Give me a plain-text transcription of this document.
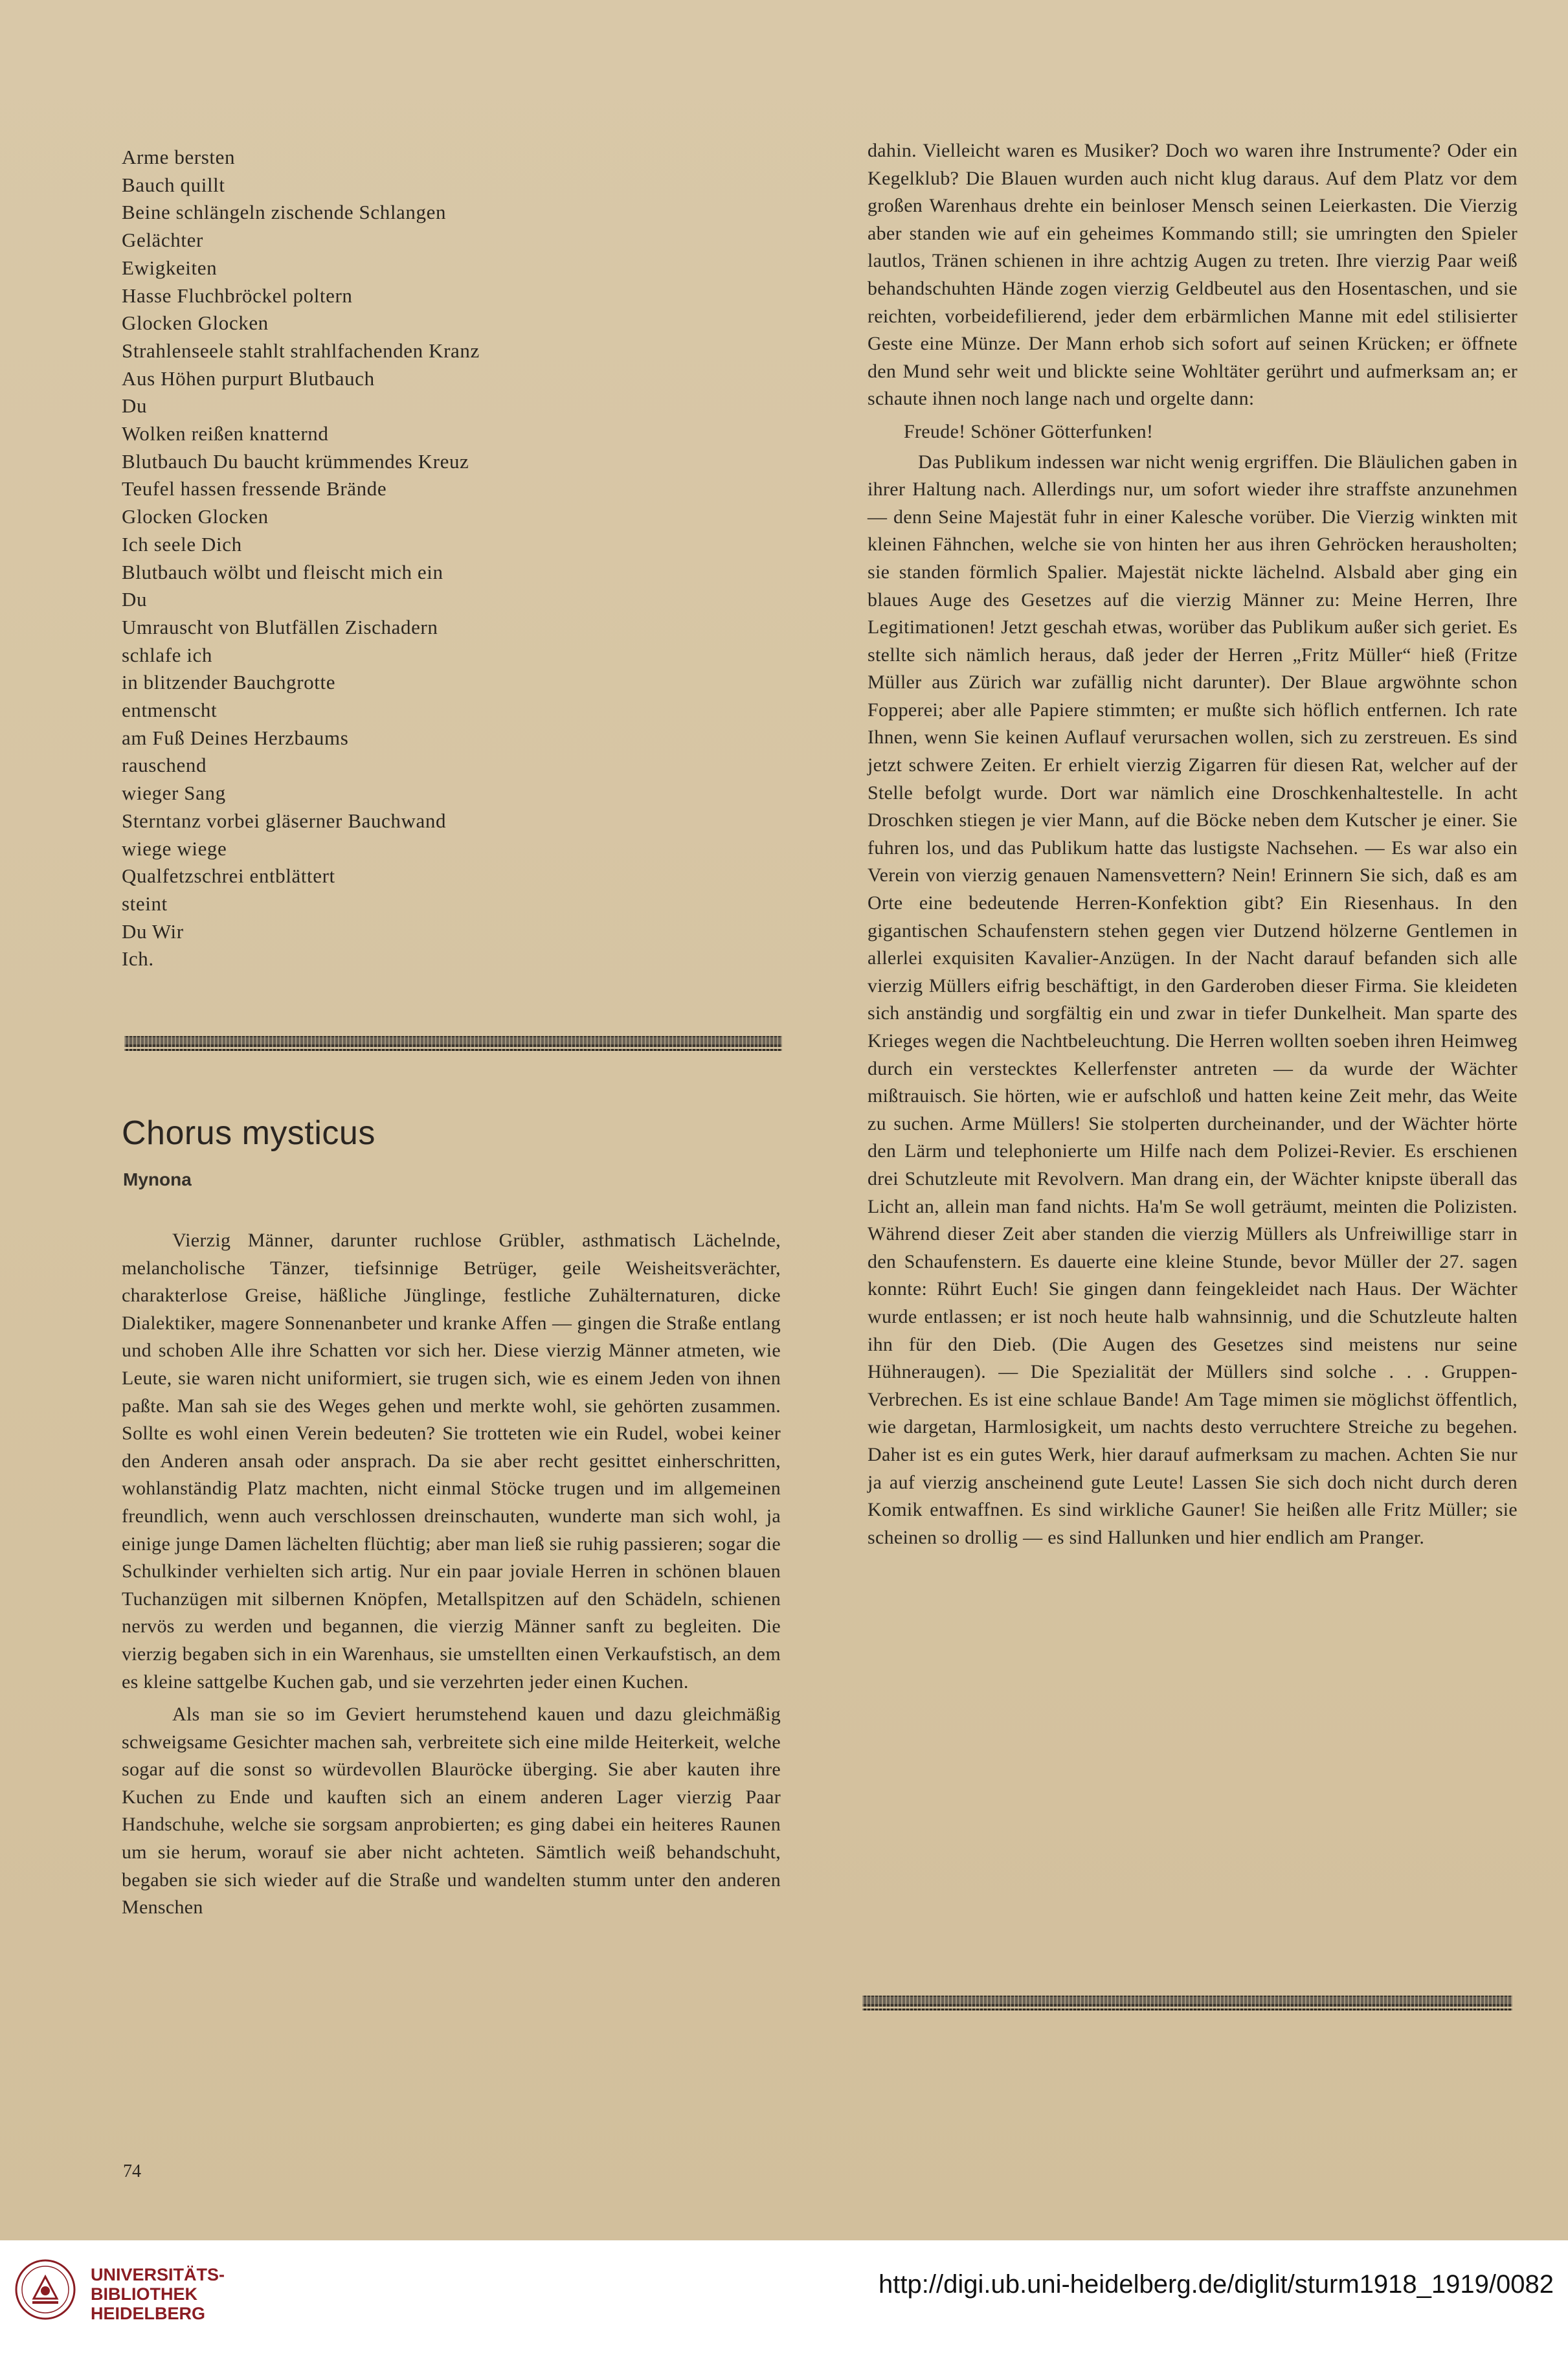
Arme bersten
Bauch quillt
Beine schlängeln zischende Schlangen
Gelächter
Ewigkeiten
Hasse Fluchbröckel poltern
Glocken Glocken
Strahlenseele stahlt strahlfachenden Kranz
Aus Höhen purpurt Blutbauch
Du
Wolken reißen knatternd
Blutbauch Du baucht krümmendes Kreuz
Teufel hassen fressende Brände
Glocken Glocken
Ich seele Dich
Blutbauch wölbt und fleischt mich ein
Du
Umrauscht von Blutfällen Zischadern
schlafe ich
in blitzender Bauchgrotte
entmenscht
am Fuß Deines Herzbaums
rauschend
wieger Sang
Sterntanz vorbei gläserner Bauchwand
wiege wiege
Qualfetzschrei entblättert
steint
Du Wir
Ich.
Chorus mysticus
Mynona

Vierzig Männer, darunter ruchlose Grübler, asthmatisch Lächelnde, melancholische Tänzer, tiefsinnige Betrüger, geile Weisheitsverächter, charakterlose Greise, häßliche Jünglinge, festliche Zuhälternaturen, dicke Dialektiker, magere Sonnenanbeter und kranke Affen — gingen die Straße entlang und schoben Alle ihre Schatten vor sich her. Diese vierzig Männer atmeten, wie Leute, sie waren nicht uniformiert, sie trugen sich, wie es einem Jeden von ihnen paßte. Man sah sie des Weges gehen und merkte wohl, sie gehörten zusammen. Sollte es wohl einen Verein bedeuten? Sie trotteten wie ein Rudel, wobei keiner den Anderen ansah oder ansprach. Da sie aber recht gesittet einherschritten, wohlanständig Platz machten, nicht einmal Stöcke trugen und im allgemeinen freundlich, wenn auch verschlossen dreinschauten, wunderte man sich wohl, ja einige junge Damen lächelten flüchtig; aber man ließ sie ruhig passieren; sogar die Schulkinder verhielten sich artig. Nur ein paar joviale Herren in schönen blauen Tuchanzügen mit silbernen Knöpfen, Metallspitzen auf den Schädeln, schienen nervös zu werden und begannen, die vierzig Männer sanft zu begleiten. Die vierzig begaben sich in ein Warenhaus, sie umstellten einen Verkaufstisch, an dem es kleine sattgelbe Kuchen gab, und sie verzehrten jeder einen Kuchen.

Als man sie so im Geviert herumstehend kauen und dazu gleichmäßig schweigsame Gesichter machen sah, verbreitete sich eine milde Heiterkeit, welche sogar auf die sonst so würdevollen Blauröcke überging. Sie aber kauten ihre Kuchen zu Ende und kauften sich an einem anderen Lager vierzig Paar Handschuhe, welche sie sorgsam anprobierten; es ging dabei ein heiteres Raunen um sie herum, worauf sie aber nicht achteten. Sämtlich weiß behandschuht, begaben sie sich wieder auf die Straße und wandelten stumm unter den anderen Menschen

dahin. Vielleicht waren es Musiker? Doch wo waren ihre Instrumente? Oder ein Kegelklub? Die Blauen wurden auch nicht klug daraus. Auf dem Platz vor dem großen Warenhaus drehte ein beinloser Mensch seinen Leierkasten. Die Vierzig aber standen wie auf ein geheimes Kommando still; sie umringten den Spieler lautlos, Tränen schienen in ihre achtzig Augen zu treten. Ihre vierzig Paar weiß behandschuhten Hände zogen vierzig Geldbeutel aus den Hosentaschen, und sie reichten, vorbeidefilierend, jeder dem erbärmlichen Manne mit edel stilisierter Geste eine Münze. Der Mann erhob sich sofort auf seinen Krücken; er öffnete den Mund sehr weit und blickte seine Wohltäter gerührt und aufmerksam an; er schaute ihnen noch lange nach und orgelte dann:

Freude! Schöner Götterfunken!

Das Publikum indessen war nicht wenig ergriffen. Die Bläulichen gaben in ihrer Haltung nach. Allerdings nur, um sofort wieder ihre straffste anzunehmen — denn Seine Majestät fuhr in einer Kalesche vorüber. Die Vierzig winkten mit kleinen Fähnchen, welche sie von hinten her aus ihren Gehröcken herausholten; sie standen förmlich Spalier. Majestät nickte lächelnd. Alsbald aber ging ein blaues Auge des Gesetzes auf die vierzig Männer zu: Meine Herren, Ihre Legitimationen! Jetzt geschah etwas, worüber das Publikum außer sich geriet. Es stellte sich nämlich heraus, daß jeder der Herren „Fritz Müller“ hieß (Fritze Müller aus Zürich war zufällig nicht darunter). Der Blaue argwöhnte schon Fopperei; aber alle Papiere stimmten; er mußte sich höflich entfernen. Ich rate Ihnen, wenn Sie keinen Auflauf verursachen wollen, sich zu zerstreuen. Es sind jetzt schwere Zeiten. Er erhielt vierzig Zigarren für diesen Rat, welcher auf der Stelle befolgt wurde. Dort war nämlich eine Droschkenhaltestelle. In acht Droschken stiegen je vier Mann, auf die Böcke neben dem Kutscher je einer. Sie fuhren los, und das Publikum hatte das lustigste Nachsehen. — Es war also ein Verein von vierzig genauen Namensvettern? Nein! Erinnern Sie sich, daß es am Orte eine bedeutende Herren-Konfektion gibt? Ein Riesenhaus. In den gigantischen Schaufenstern stehen gegen vier Dutzend hölzerne Gentlemen in allerlei exquisiten Kavalier-Anzügen. In der Nacht darauf befanden sich alle vierzig Müllers eifrig beschäftigt, in den Garderoben dieser Firma. Sie kleideten sich anständig und sorgfältig ein und zwar in tiefer Dunkelheit. Man sparte des Krieges wegen die Nachtbeleuchtung. Die Herren wollten soeben ihren Heimweg durch ein verstecktes Kellerfenster antreten — da wurde der Wächter mißtrauisch. Sie hörten, wie er aufschloß und hatten keine Zeit mehr, das Weite zu suchen. Arme Müllers! Sie stolperten durcheinander, und der Wächter hörte den Lärm und telephonierte um Hilfe nach dem Polizei-Revier. Es erschienen drei Schutzleute mit Revolvern. Man drang ein, der Wächter knipste überall das Licht an, allein man fand nichts. Ha'm Se woll geträumt, meinten die Polizisten. Während dieser Zeit aber standen die vierzig Müllers als Unfreiwillige starr in den Schaufenstern. Es dauerte eine kleine Stunde, bevor Müller der 27. sagen konnte: Rührt Euch! Sie gingen dann feingekleidet nach Haus. Der Wächter wurde entlassen; er ist noch heute halb wahnsinnig, und die Schutzleute halten ihn für den Dieb. (Die Augen des Gesetzes sind meistens nur seine Hühneraugen). — Die Spezialität der Müllers sind solche . . . Gruppen-Verbrechen. Es ist eine schlaue Bande! Am Tage mimen sie möglichst öffentlich, wie dargetan, Harmlosigkeit, um nachts desto verruchtere Streiche zu begehen. Daher ist es ein gutes Werk, hier darauf aufmerksam zu machen. Achten Sie nur ja auf vierzig anscheinend gute Leute! Lassen Sie sich doch nicht durch deren Komik entwaffnen. Es sind wirkliche Gauner! Sie heißen alle Fritz Müller; sie scheinen so drollig — es sind Hallunken und hier endlich am Pranger.

74
UNIVERSITÄTS-
BIBLIOTHEK
HEIDELBERG
http://digi.ub.uni-heidelberg.de/diglit/sturm1918_1919/0082
